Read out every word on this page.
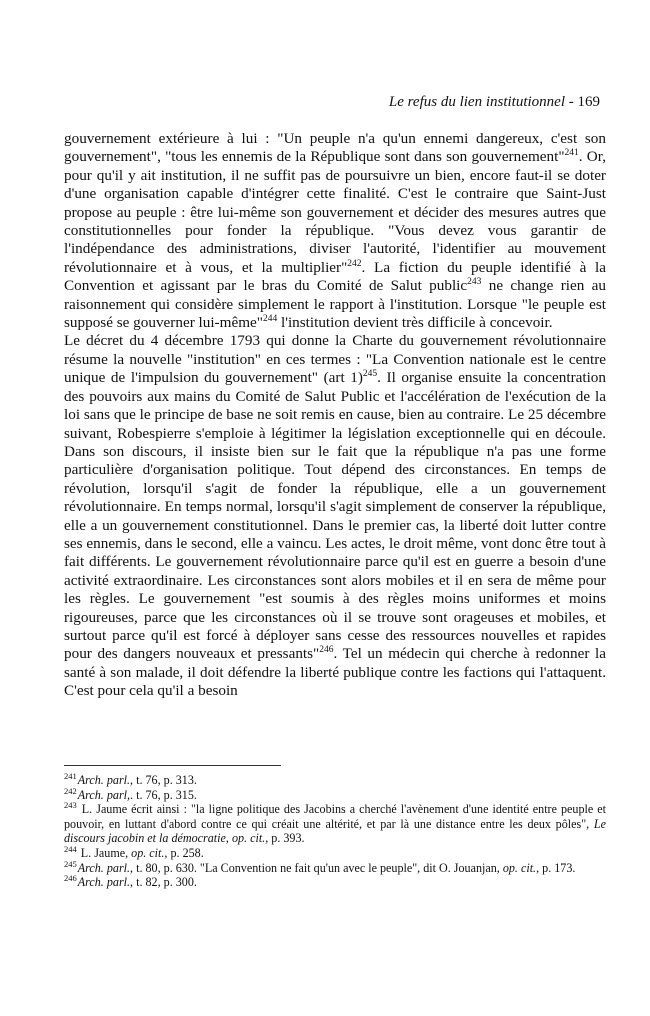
Le refus du lien institutionnel - 169

gouvernement extérieure à lui : "Un peuple n'a qu'un ennemi dangereux, c'est son gouvernement", "tous les ennemis de la République sont dans son gouvernement"$^{241}$. Or, pour qu'il y ait institution, il ne suffit pas de poursuivre un bien, encore faut-il se doter d'une organisation capable d'intégrer cette finalité. C'est le contraire que Saint-Just propose au peuple : être lui-même son gouvernement et décider des mesures autres que constitutionnelles pour fonder la république. "Vous devez vous garantir de l'indépendance des administrations, diviser l'autorité, l'identifier au mouvement révolutionnaire et à vous, et la multiplier"$^{242}$. La fiction du peuple identifié à la Convention et agissant par le bras du Comité de Salut public$^{243}$ ne change rien au raisonnement qui considère simplement le rapport à l'institution. Lorsque "le peuple est supposé se gouverner lui-même"$^{244}$ l'institution devient très difficile à concevoir.

Le décret du 4 décembre 1793 qui donne la Charte du gouvernement révolutionnaire résume la nouvelle "institution" en ces termes : "La Convention nationale est le centre unique de l'impulsion du gouvernement" (art 1)$^{245}$. Il organise ensuite la concentration des pouvoirs aux mains du Comité de Salut Public et l'accélération de l'exécution de la loi sans que le principe de base ne soit remis en cause, bien au contraire. Le 25 décembre suivant, Robespierre s'emploie à légitimer la législation exceptionnelle qui en découle. Dans son discours, il insiste bien sur le fait que la république n'a pas une forme particulière d'organisation politique. Tout dépend des circonstances. En temps de révolution, lorsqu'il s'agit de fonder la république, elle a un gouvernement révolutionnaire. En temps normal, lorsqu'il s'agit simplement de conserver la république, elle a un gouvernement constitutionnel. Dans le premier cas, la liberté doit lutter contre ses ennemis, dans le second, elle a vaincu. Les actes, le droit même, vont donc être tout à fait différents. Le gouvernement révolutionnaire parce qu'il est en guerre a besoin d'une activité extraordinaire. Les circonstances sont alors mobiles et il en sera de même pour les règles. Le gouvernement "est soumis à des règles moins uniformes et moins rigoureuses, parce que les circonstances où il se trouve sont orageuses et mobiles, et surtout parce qu'il est forcé à déployer sans cesse des ressources nouvelles et rapides pour des dangers nouveaux et pressants"$^{246}$. Tel un médecin qui cherche à redonner la santé à son malade, il doit défendre la liberté publique contre les factions qui l'attaquent. C'est pour cela qu'il a besoin

$^{241}$Arch. parl., t. 76, p. 313.

$^{242}$Arch. parl,. t. 76, p. 315.

$^{243}$ L. Jaume écrit ainsi : "la ligne politique des Jacobins a cherché l'avènement d'une identité entre peuple et pouvoir, en luttant d'abord contre ce qui créait une altérité, et par là une distance entre les deux pôles", Le discours jacobin et la démocratie, op. cit., p. 393.

$^{244}$ L. Jaume, op. cit., p. 258.

$^{245}$Arch. parl., t. 80, p. 630. "La Convention ne fait qu'un avec le peuple", dit O. Jouanjan, op. cit., p. 173.

$^{246}$Arch. parl., t. 82, p. 300.
